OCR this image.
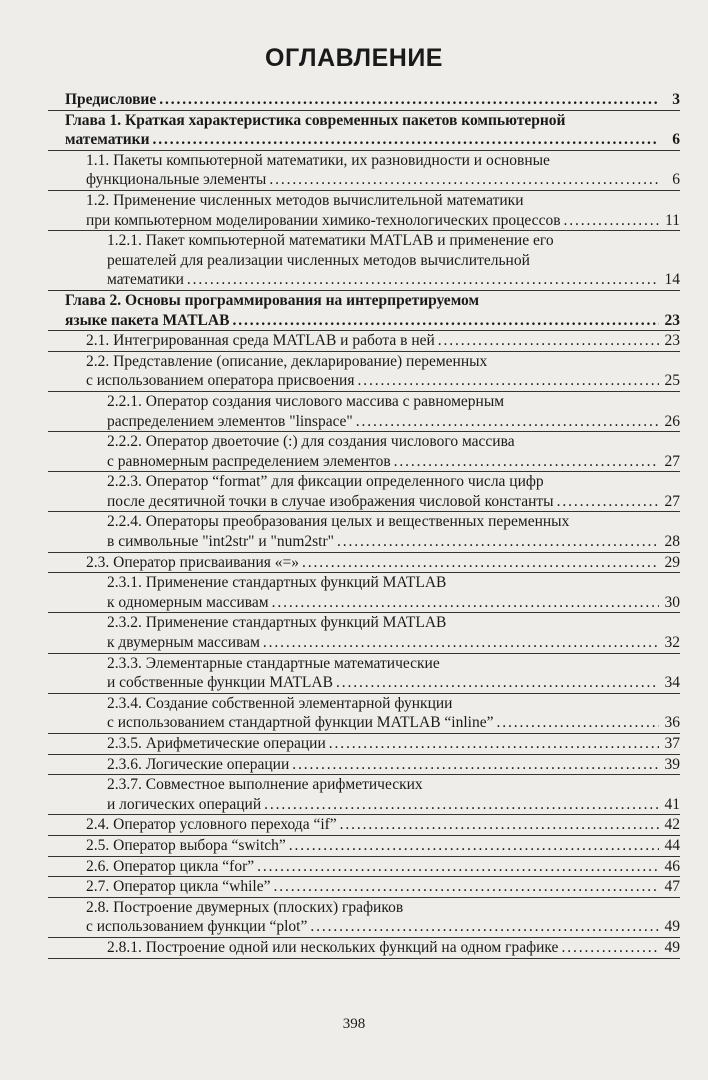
ОГЛАВЛЕНИЕ
Предисловие . . .	3
Глава 1. Краткая характеристика современных пакетов компьютерной
математики . . .	6
1.1. Пакеты компьютерной математики, их разновидности и основные
функциональные элементы . . .	6
1.2. Применение численных методов вычислительной математики
при компьютерном моделировании химико-технологических процессов . . .	11
1.2.1. Пакет компьютерной математики MATLAB и применение его
решателей для реализации численных методов вычислительной
математики . . .	14
Глава 2. Основы программирования на интерпретируемом
языке пакета MATLAB . . .	23
2.1. Интегрированная среда MATLAB и работа в ней . . .	23
2.2. Представление (описание, декларирование) переменных
с использованием оператора присвоения . . .	25
2.2.1. Оператор создания числового массива с равномерным
распределением элементов "linspace" . . .	26
2.2.2. Оператор двоеточие (:) для создания числового массива
с равномерным распределением элементов . . .	27
2.2.3. Оператор “format” для фиксации определенного числа цифр
после десятичной точки в случае изображения числовой константы . . .	27
2.2.4. Операторы преобразования целых и вещественных переменных
в символьные "int2str" и "num2str" . . .	28
2.3. Оператор присваивания «=» . . .	29
2.3.1. Применение стандартных функций MATLAB
к одномерным массивам . . .	30
2.3.2. Применение стандартных функций MATLAB
к двумерным массивам . . .	32
2.3.3. Элементарные стандартные математические
и собственные функции MATLAB . . .	34
2.3.4. Создание собственной элементарной функции
с использованием стандартной функции MATLAB “inline” . . .	36
2.3.5. Арифметические операции . . .	37
2.3.6. Логические операции . . .	39
2.3.7. Совместное выполнение арифметических
и логических операций . . .	41
2.4. Оператор условного перехода “if” . . .	42
2.5. Оператор выбора “switch” . . .	44
2.6. Оператор цикла “for” . . .	46
2.7. Оператор цикла “while” . . .	47
2.8. Построение двумерных (плоских) графиков
с использованием функции “plot” . . .	49
2.8.1. Построение одной или нескольких функций на одном графике . . .	49
398
